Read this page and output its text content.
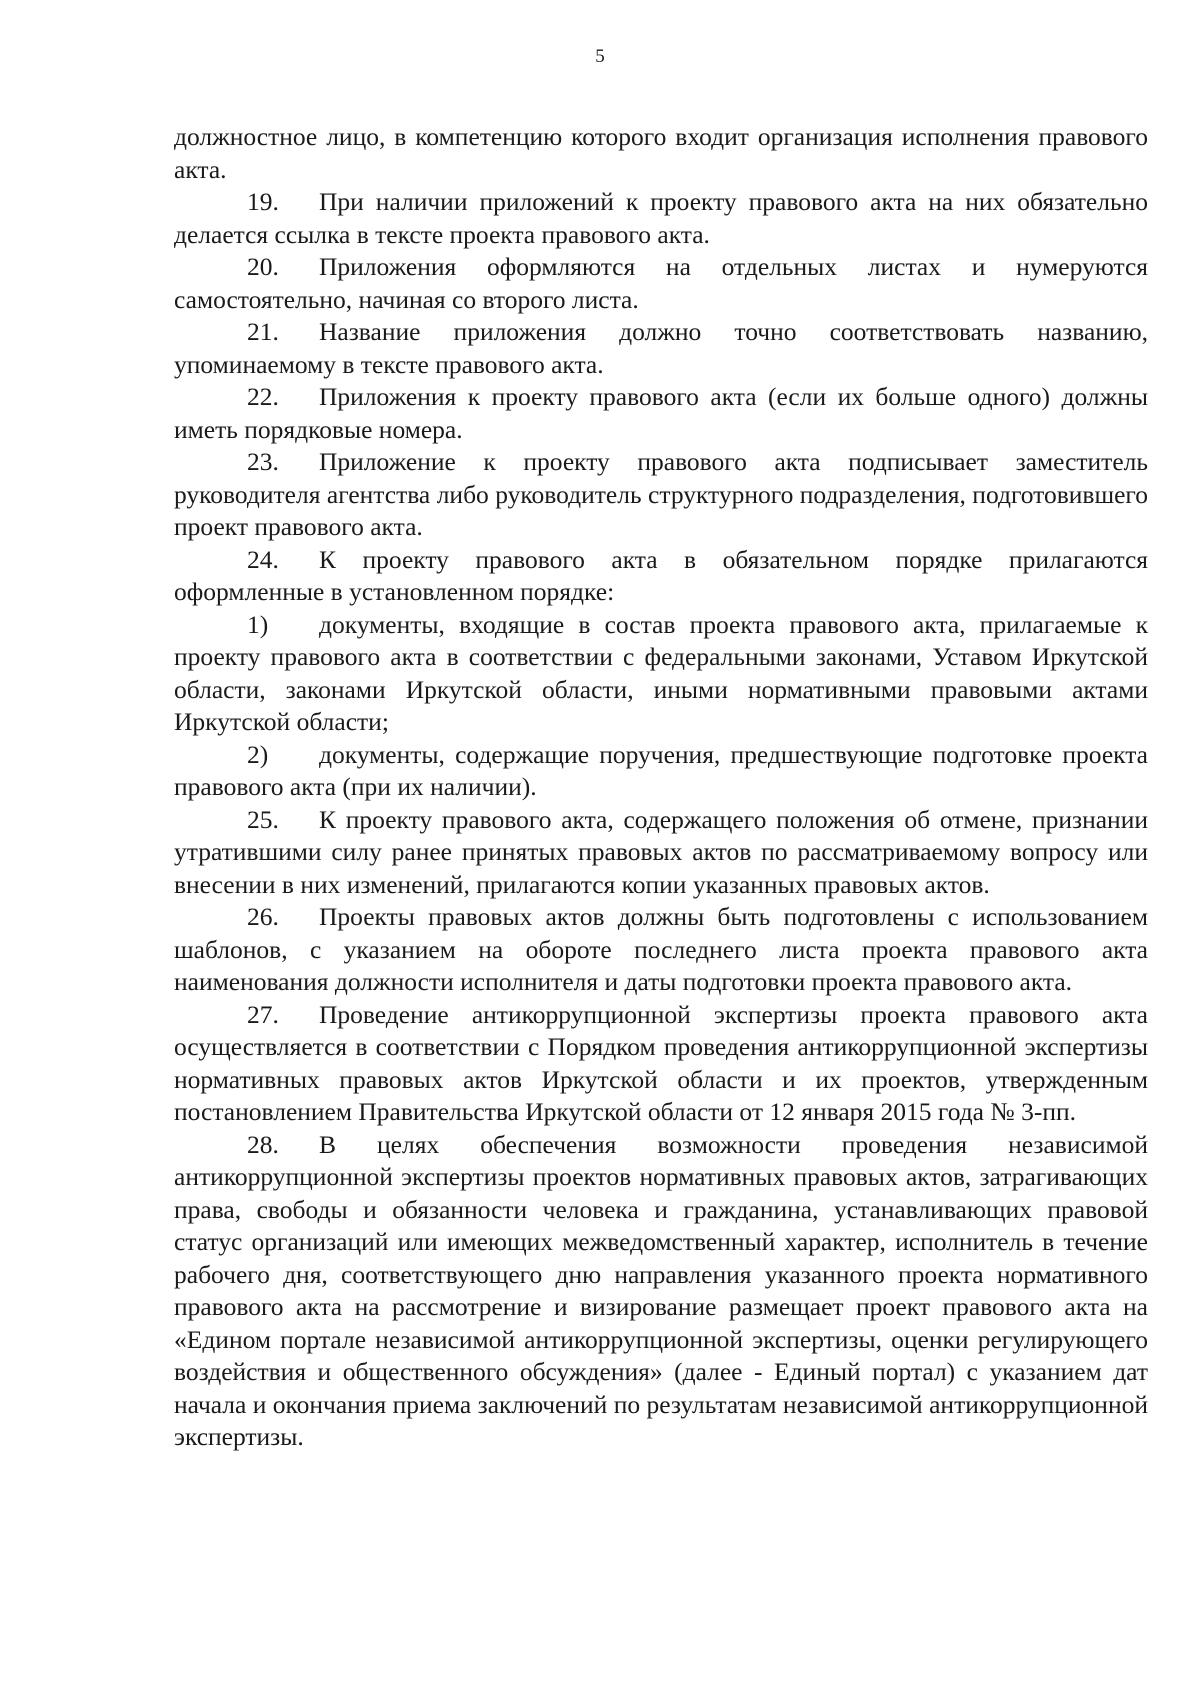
5

должностное лицо, в компетенцию которого входит организация исполнения правового акта.

19. При наличии приложений к проекту правового акта на них обязательно делается ссылка в тексте проекта правового акта.

20. Приложения оформляются на отдельных листах и нумеруются самостоятельно, начиная со второго листа.

21. Название приложения должно точно соответствовать названию, упоминаемому в тексте правового акта.

22. Приложения к проекту правового акта (если их больше одного) должны иметь порядковые номера.

23. Приложение к проекту правового акта подписывает заместитель руководителя агентства либо руководитель структурного подразделения, подготовившего проект правового акта.

24. К проекту правового акта в обязательном порядке прилагаются оформленные в установленном порядке:

1) документы, входящие в состав проекта правового акта, прилагаемые к проекту правового акта в соответствии с федеральными законами, Уставом Иркутской области, законами Иркутской области, иными нормативными правовыми актами Иркутской области;

2) документы, содержащие поручения, предшествующие подготовке проекта правового акта (при их наличии).

25. К проекту правового акта, содержащего положения об отмене, признании утратившими силу ранее принятых правовых актов по рассматриваемому вопросу или внесении в них изменений, прилагаются копии указанных правовых актов.

26. Проекты правовых актов должны быть подготовлены с использованием шаблонов, с указанием на обороте последнего листа проекта правового акта наименования должности исполнителя и даты подготовки проекта правового акта.

27. Проведение антикоррупционной экспертизы проекта правового акта осуществляется в соответствии с Порядком проведения антикоррупционной экспертизы нормативных правовых актов Иркутской области и их проектов, утвержденным постановлением Правительства Иркутской области от 12 января 2015 года № 3-пп.

28. В целях обеспечения возможности проведения независимой антикоррупционной экспертизы проектов нормативных правовых актов, затрагивающих права, свободы и обязанности человека и гражданина, устанавливающих правовой статус организаций или имеющих межведомственный характер, исполнитель в течение рабочего дня, соответствующего дню направления указанного проекта нормативного правового акта на рассмотрение и визирование размещает проект правового акта на «Едином портале независимой антикоррупционной экспертизы, оценки регулирующего воздействия и общественного обсуждения» (далее - Единый портал) с указанием дат начала и окончания приема заключений по результатам независимой антикоррупционной экспертизы.
